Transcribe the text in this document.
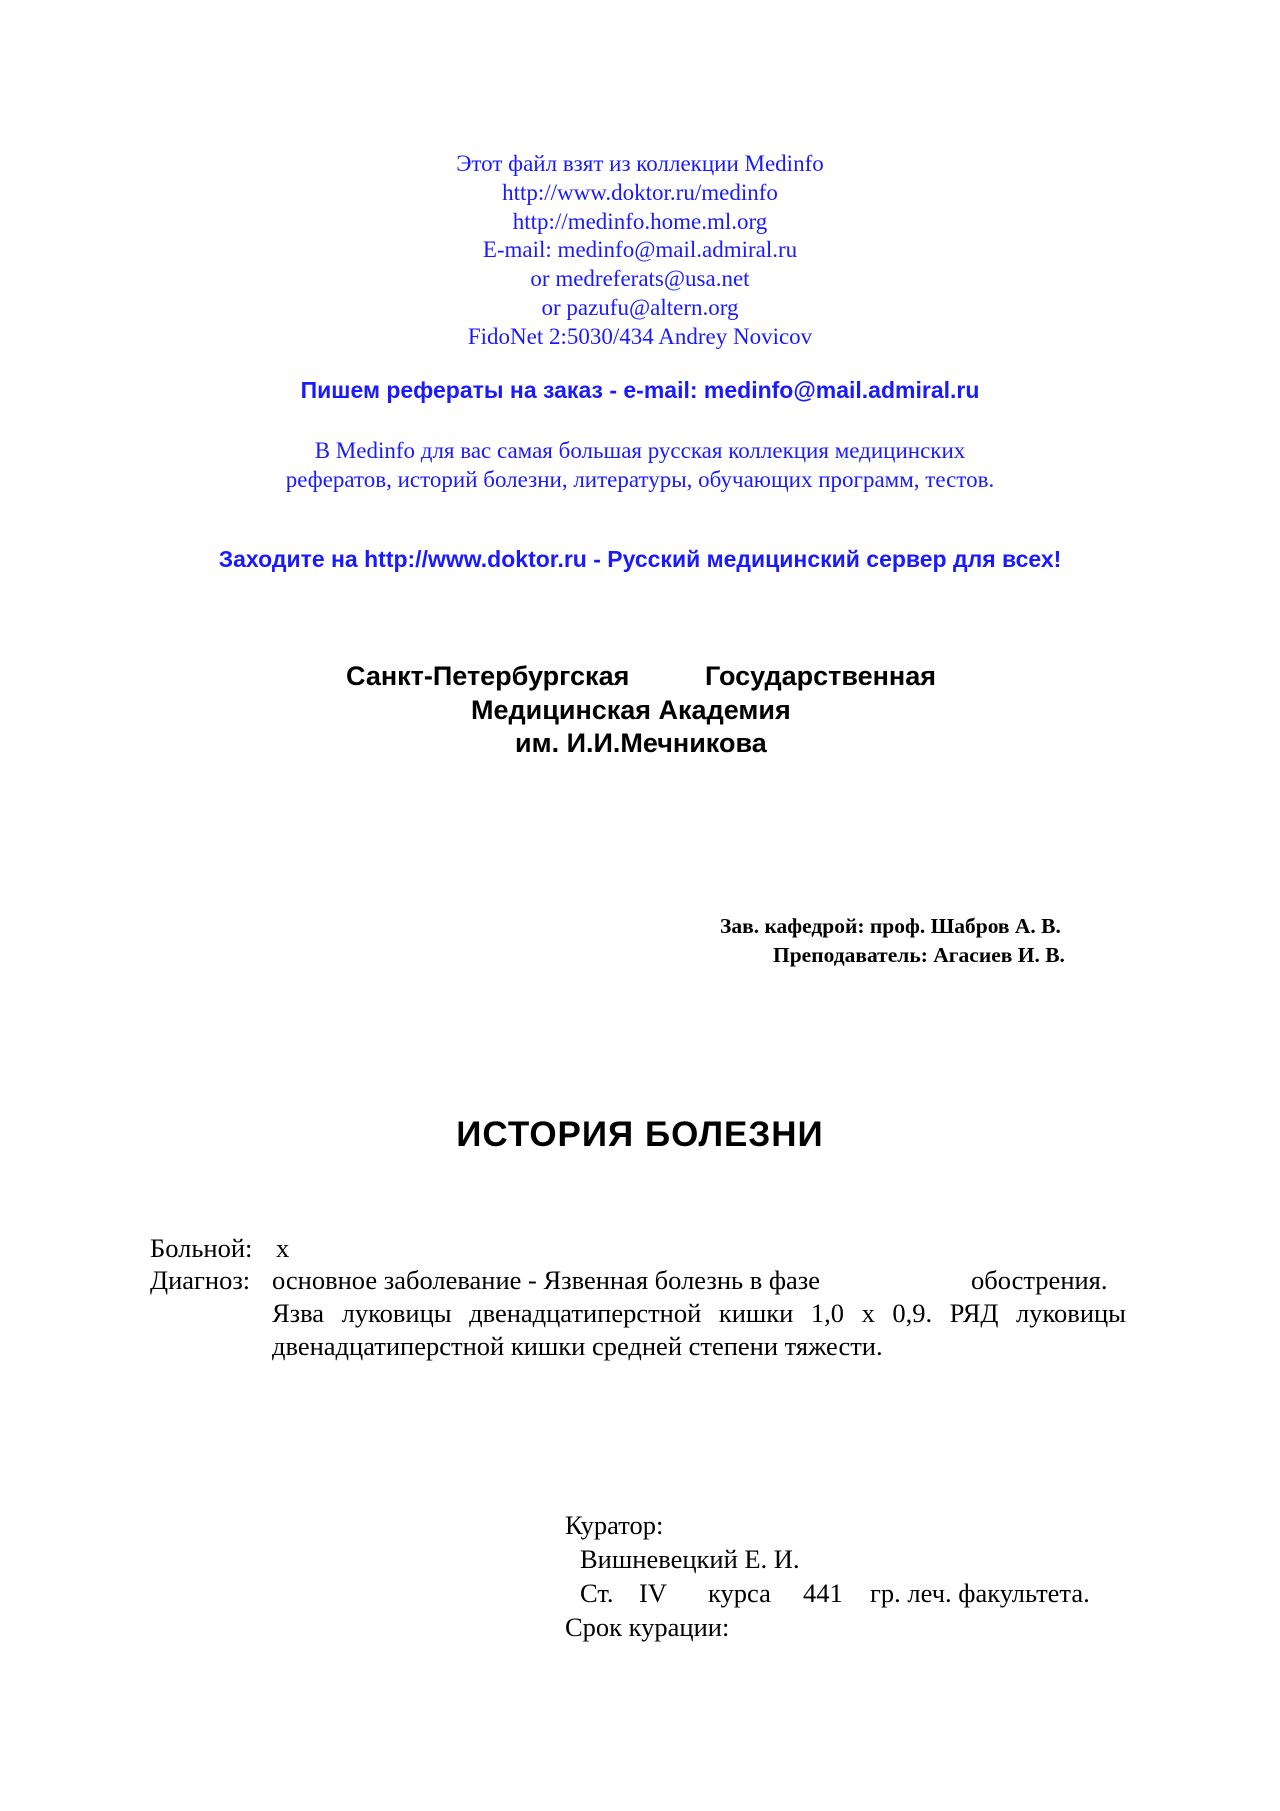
Этот файл взят из коллекции Medinfo
http://www.doktor.ru/medinfo
http://medinfo.home.ml.org
E-mail: medinfo@mail.admiral.ru
or medreferats@usa.net
or pazufu@altern.org
FidoNet 2:5030/434 Andrey Novicov
Пишем рефераты на заказ - e-mail: medinfo@mail.admiral.ru
В Medinfo для вас самая большая русская коллекция медицинских
рефератов, историй болезни, литературы, обучающих программ, тестов.
Заходите на http://www.doktor.ru - Русский медицинский сервер для всех!
Санкт-Петербургская	Государственная
Медицинская Академия
им. И.И.Мечникова
Зав. кафедрой: проф. Шабров А. В.
Преподаватель: Агасиев И. В.
ИСТОРИЯ БОЛЕЗНИ
Больной: х
Диагноз: основное заболевание - Язвенная болезнь в фазе	обострения.
Язва луковицы двенадцатиперстной кишки 1,0 х 0,9. РЯД луковицы двенадцатиперстной кишки средней степени тяжести.
Куратор:
Вишневецкий Е. И.
Ст. IV курса 441 гр. леч. факультета.
Срок курации:
